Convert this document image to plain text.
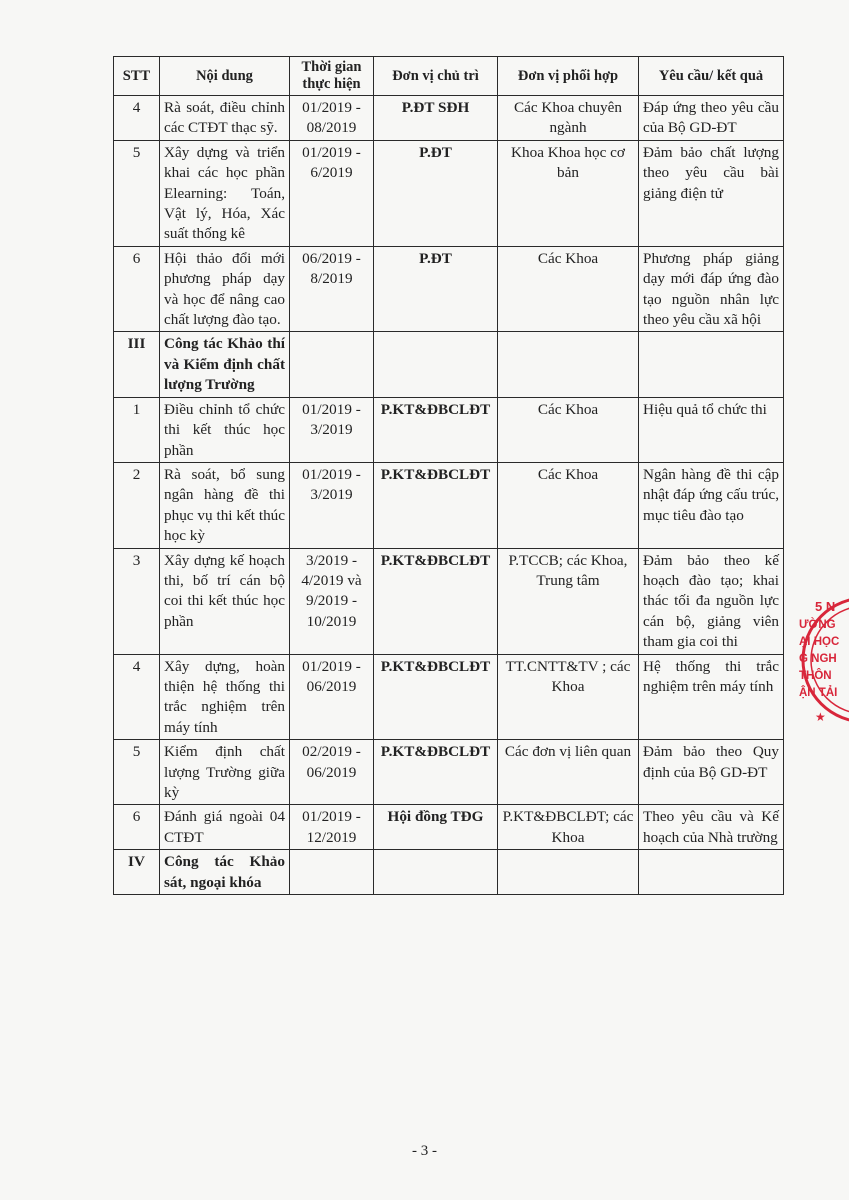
STT	Nội dung	Thời gian thực hiện	Đơn vị chủ trì	Đơn vị phối hợp	Yêu cầu/ kết quả
4	Rà soát, điều chỉnh các CTĐT thạc sỹ.	01/2019 - 08/2019	P.ĐT SĐH	Các Khoa chuyên ngành	Đáp ứng theo yêu cầu của Bộ GD-ĐT
5	Xây dựng và triển khai các học phần Elearning: Toán, Vật lý, Hóa, Xác suất thống kê	01/2019 - 6/2019	P.ĐT	Khoa Khoa học cơ bản	Đảm bảo chất lượng theo yêu cầu bài giảng điện tử
6	Hội thảo đổi mới phương pháp dạy và học để nâng cao chất lượng đào tạo.	06/2019 - 8/2019	P.ĐT	Các Khoa	Phương pháp giảng dạy mới đáp ứng đào tạo nguồn nhân lực theo yêu cầu xã hội
III	Công tác Khảo thí và Kiểm định chất lượng Trường				
1	Điều chỉnh tổ chức thi kết thúc học phần	01/2019 - 3/2019	P.KT&ĐBCLĐT	Các Khoa	Hiệu quả tổ chức thi
2	Rà soát, bổ sung ngân hàng đề thi phục vụ thi kết thúc học kỳ	01/2019 - 3/2019	P.KT&ĐBCLĐT	Các Khoa	Ngân hàng đề thi cập nhật đáp ứng cấu trúc, mục tiêu đào tạo
3	Xây dựng kế hoạch thi, bố trí cán bộ coi thi kết thúc học phần	3/2019 - 4/2019 và 9/2019 - 10/2019	P.KT&ĐBCLĐT	P.TCCB; các Khoa, Trung tâm	Đảm bảo theo kế hoạch đào tạo; khai thác tối đa nguồn lực cán bộ, giảng viên tham gia coi thi
4	Xây dựng, hoàn thiện hệ thống thi trắc nghiệm trên máy tính	01/2019 - 06/2019	P.KT&ĐBCLĐT	TT.CNTT&TV ; các Khoa	Hệ thống thi trắc nghiệm trên máy tính
5	Kiểm định chất lượng Trường giữa kỳ	02/2019 - 06/2019	P.KT&ĐBCLĐT	Các đơn vị liên quan	Đảm bảo theo Quy định của Bộ GD-ĐT
6	Đánh giá ngoài 04 CTĐT	01/2019 - 12/2019	Hội đồng TĐG	P.KT&ĐBCLĐT; các Khoa	Theo yêu cầu và Kế hoạch của Nhà trường
IV	Công tác Khảo sát, ngoại khóa				
5 N
ƯỜNG
ẠI HỌC
G NGH
THÔN
ẬN TẢI
★
- 3 -
